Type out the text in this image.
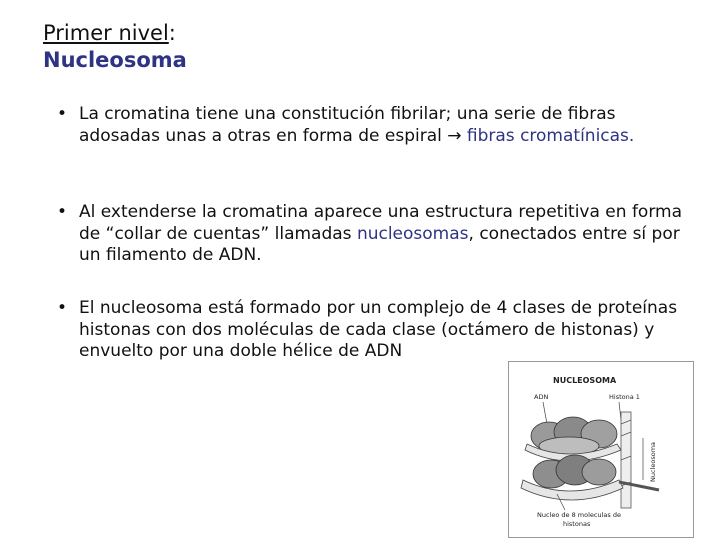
Primer nivel:
Nucleosoma
• La cromatina tiene una constitución fibrilar; una serie de fibras adosadas unas a otras en forma de espiral → fibras cromatínicas.
• Al extenderse la cromatina aparece una estructura repetitiva en forma de “collar de cuentas” llamadas nucleosomas, conectados entre sí por un filamento de ADN.
• El nucleosoma está formado por un complejo de 4 clases de proteínas histonas con dos moléculas de cada clase (octámero de histonas) y envuelto por una doble hélice de ADN
NUCLEOSOMA
ADN	Histona 1
Nucleosoma
Nucleo de 8 moleculas de
histonas
